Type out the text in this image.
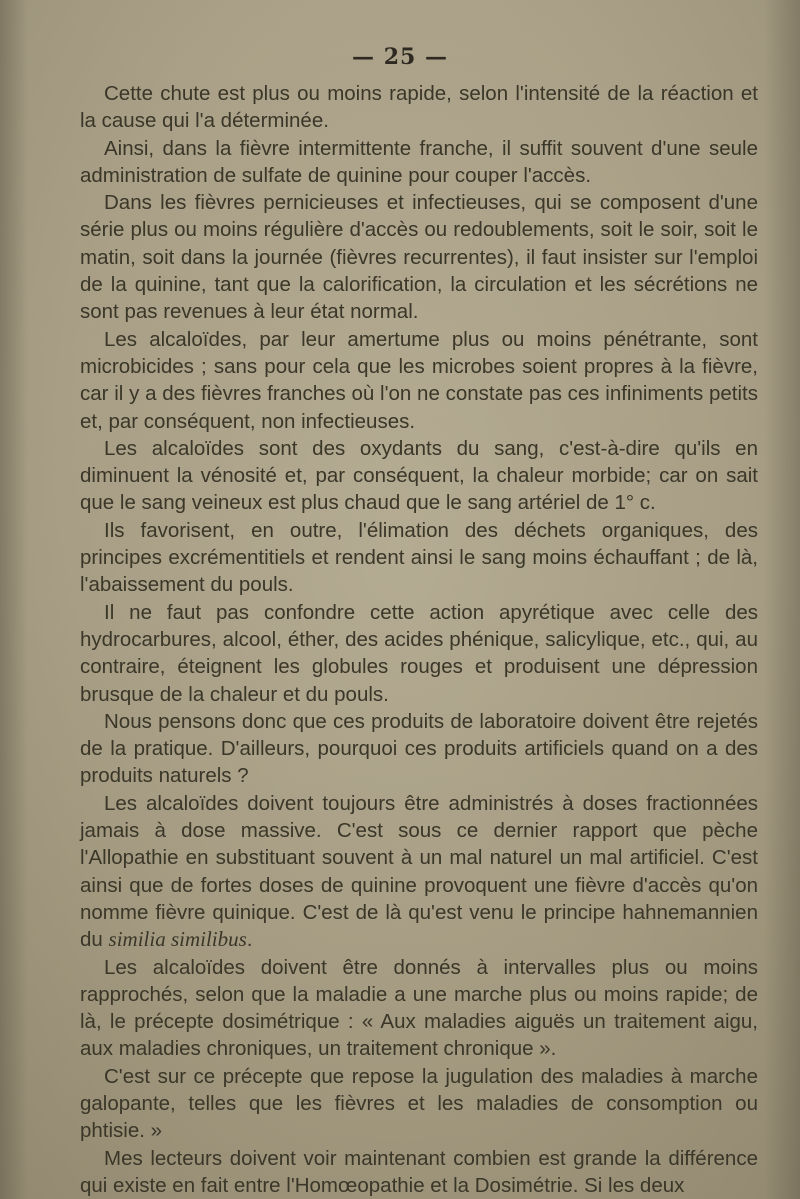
— 25 —

Cette chute est plus ou moins rapide, selon l'intensité de la réaction et la cause qui l'a déterminée.

Ainsi, dans la fièvre intermittente franche, il suffit souvent d'une seule administration de sulfate de quinine pour couper l'accès.

Dans les fièvres pernicieuses et infectieuses, qui se composent d'une série plus ou moins régulière d'accès ou redoublements, soit le soir, soit le matin, soit dans la journée (fièvres recurrentes), il faut insister sur l'emploi de la quinine, tant que la calorification, la circulation et les sécrétions ne sont pas revenues à leur état normal.

Les alcaloïdes, par leur amertume plus ou moins pénétrante, sont microbicides ; sans pour cela que les microbes soient propres à la fièvre, car il y a des fièvres franches où l'on ne constate pas ces infiniments petits et, par conséquent, non infectieuses.

Les alcaloïdes sont des oxydants du sang, c'est-à-dire qu'ils en diminuent la vénosité et, par conséquent, la chaleur morbide; car on sait que le sang veineux est plus chaud que le sang artériel de 1° c.

Ils favorisent, en outre, l'élimation des déchets organiques, des principes excrémentitiels et rendent ainsi le sang moins échauffant ; de là, l'abaissement du pouls.

Il ne faut pas confondre cette action apyrétique avec celle des hydrocarbures, alcool, éther, des acides phénique, salicylique, etc., qui, au contraire, éteignent les globules rouges et produisent une dépression brusque de la chaleur et du pouls.

Nous pensons donc que ces produits de laboratoire doivent être rejetés de la pratique. D'ailleurs, pourquoi ces produits artificiels quand on a des produits naturels ?

Les alcaloïdes doivent toujours être administrés à doses fractionnées jamais à dose massive. C'est sous ce dernier rapport que pèche l'Allopathie en substituant souvent à un mal naturel un mal artificiel. C'est ainsi que de fortes doses de quinine provoquent une fièvre d'accès qu'on nomme fièvre quinique. C'est de là qu'est venu le principe hahnemannien du similia similibus.

Les alcaloïdes doivent être donnés à intervalles plus ou moins rapprochés, selon que la maladie a une marche plus ou moins rapide; de là, le précepte dosimétrique : « Aux maladies aiguës un traitement aigu, aux maladies chroniques, un traitement chronique ».

C'est sur ce précepte que repose la jugulation des maladies à marche galopante, telles que les fièvres et les maladies de consomption ou phtisie. »

Mes lecteurs doivent voir maintenant combien est grande la différence qui existe en fait entre l'Homœopathie et la Dosimétrie. Si les deux
